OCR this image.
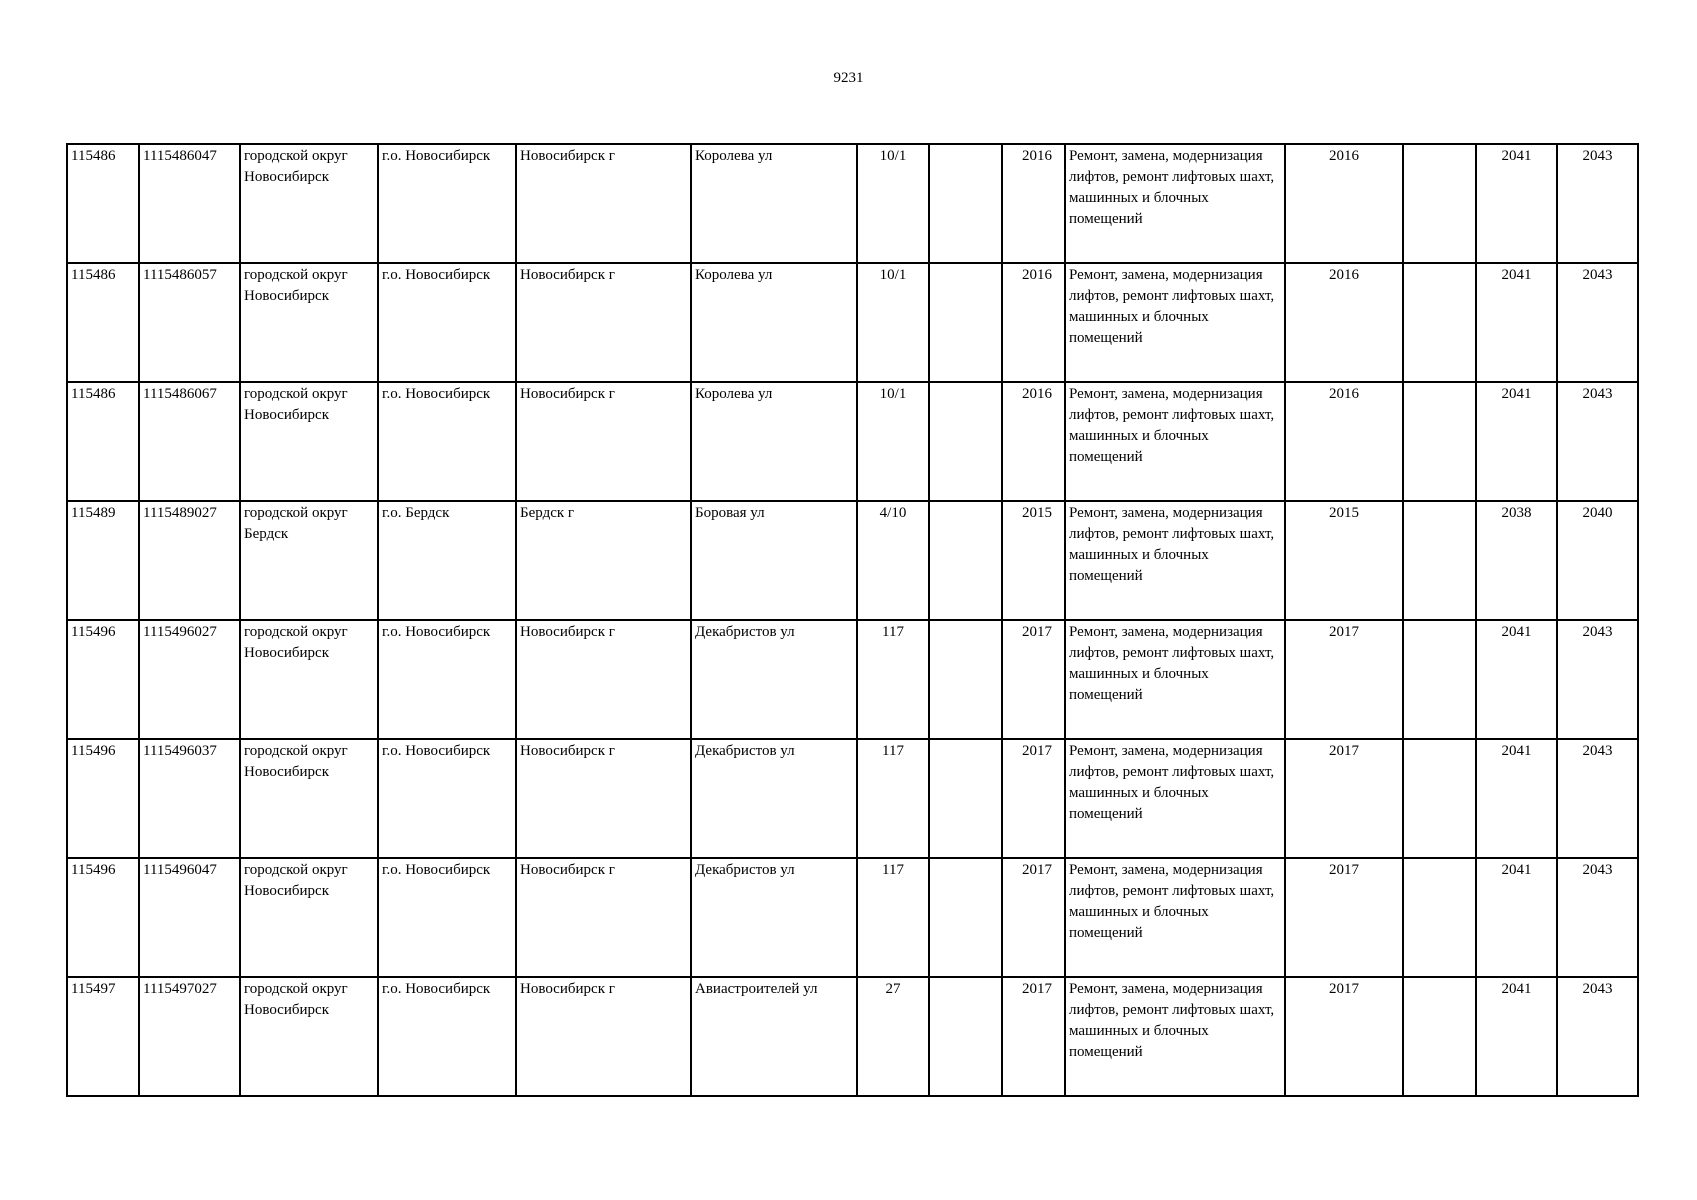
9231
115486	1115486047	городской округ Новосибирск	г.о. Новосибирск	Новосибирск г	Королева ул	10/1		2016	Ремонт, замена, модернизация лифтов, ремонт лифтовых шахт, машинных и блочных помещений	2016		2041	2043
115486	1115486057	городской округ Новосибирск	г.о. Новосибирск	Новосибирск г	Королева ул	10/1		2016	Ремонт, замена, модернизация лифтов, ремонт лифтовых шахт, машинных и блочных помещений	2016		2041	2043
115486	1115486067	городской округ Новосибирск	г.о. Новосибирск	Новосибирск г	Королева ул	10/1		2016	Ремонт, замена, модернизация лифтов, ремонт лифтовых шахт, машинных и блочных помещений	2016		2041	2043
115489	1115489027	городской округ Бердск	г.о. Бердск	Бердск г	Боровая ул	4/10		2015	Ремонт, замена, модернизация лифтов, ремонт лифтовых шахт, машинных и блочных помещений	2015		2038	2040
115496	1115496027	городской округ Новосибирск	г.о. Новосибирск	Новосибирск г	Декабристов ул	117		2017	Ремонт, замена, модернизация лифтов, ремонт лифтовых шахт, машинных и блочных помещений	2017		2041	2043
115496	1115496037	городской округ Новосибирск	г.о. Новосибирск	Новосибирск г	Декабристов ул	117		2017	Ремонт, замена, модернизация лифтов, ремонт лифтовых шахт, машинных и блочных помещений	2017		2041	2043
115496	1115496047	городской округ Новосибирск	г.о. Новосибирск	Новосибирск г	Декабристов ул	117		2017	Ремонт, замена, модернизация лифтов, ремонт лифтовых шахт, машинных и блочных помещений	2017		2041	2043
115497	1115497027	городской округ Новосибирск	г.о. Новосибирск	Новосибирск г	Авиастроителей ул	27		2017	Ремонт, замена, модернизация лифтов, ремонт лифтовых шахт, машинных и блочных помещений	2017		2041	2043
